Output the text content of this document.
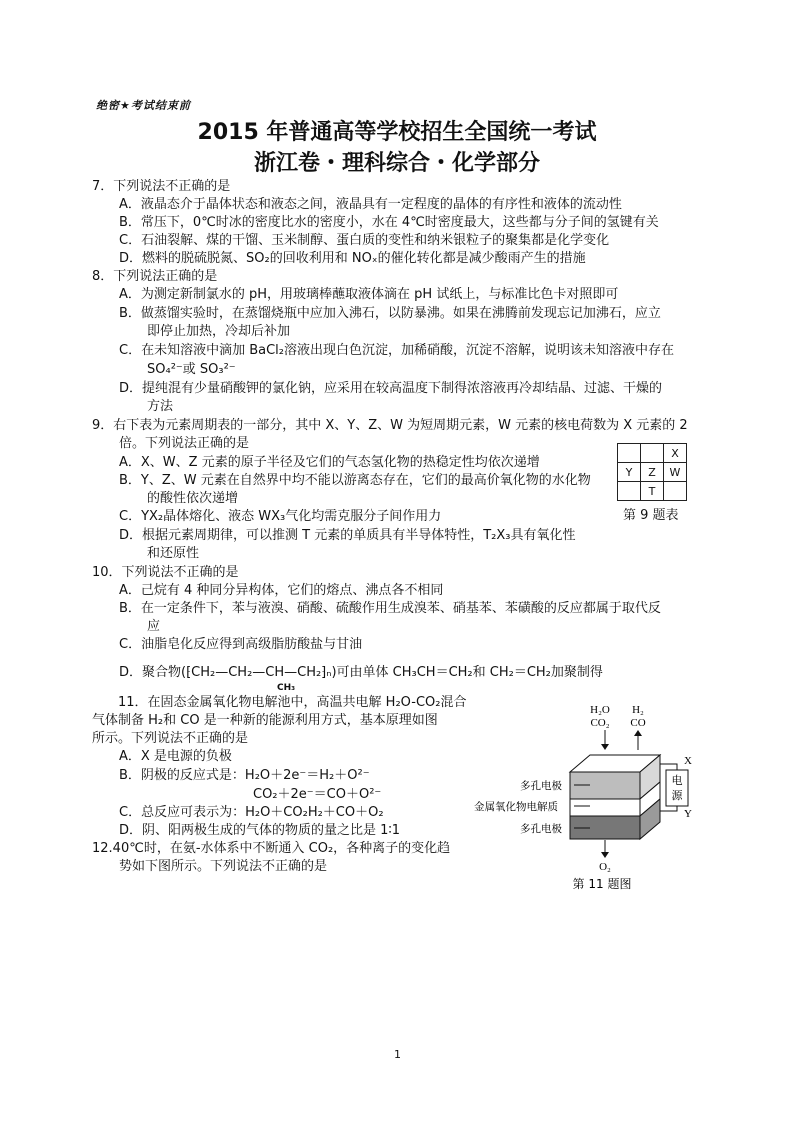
绝密★考试结束前
2015 年普通高等学校招生全国统一考试
浙江卷・理科综合・化学部分
7．下列说法不正确的是
A．液晶态介于晶体状态和液态之间，液晶具有一定程度的晶体的有序性和液体的流动性
B．常压下，0℃时冰的密度比水的密度小，水在 4℃时密度最大，这些都与分子间的氢键有关
C．石油裂解、煤的干馏、玉米制醇、蛋白质的变性和纳米银粒子的聚集都是化学变化
D．燃料的脱硫脱氮、SO₂的回收利用和 NOₓ的催化转化都是减少酸雨产生的措施
8．下列说法正确的是
A．为测定新制氯水的 pH，用玻璃棒蘸取液体滴在 pH 试纸上，与标准比色卡对照即可
B．做蒸馏实验时，在蒸馏烧瓶中应加入沸石，以防暴沸。如果在沸腾前发现忘记加沸石，应立
即停止加热，冷却后补加
C．在未知溶液中滴加 BaCl₂溶液出现白色沉淀，加稀硝酸，沉淀不溶解，说明该未知溶液中存在
SO₄²⁻或 SO₃²⁻
D．提纯混有少量硝酸钾的氯化钠，应采用在较高温度下制得浓溶液再冷却结晶、过滤、干燥的
方法
9．右下表为元素周期表的一部分，其中 X、Y、Z、W 为短周期元素，W 元素的核电荷数为 X 元素的 2
倍。下列说法正确的是
A．X、W、Z 元素的原子半径及它们的气态氢化物的热稳定性均依次递增
B．Y、Z、W 元素在自然界中均不能以游离态存在，它们的最高价氧化物的水化物
的酸性依次递增
C．YX₂晶体熔化、液态 WX₃气化均需克服分子间作用力
D．根据元素周期律，可以推测 T 元素的单质具有半导体特性，T₂X₃具有氧化性
和还原性
		X
Y	Z	W
	T	
第 9 题表
10．下列说法不正确的是
A．己烷有 4 种同分异构体，它们的熔点、沸点各不相同
B．在一定条件下，苯与液溴、硝酸、硫酸作用生成溴苯、硝基苯、苯磺酸的反应都属于取代反
应
C．油脂皂化反应得到高级脂肪酸盐与甘油
D．聚合物(⁅CH₂—CH₂—CH—CH₂⁆ₙ)可由单体 CH₃CH＝CH₂和 CH₂＝CH₂加聚制得
CH₃
11．在固态金属氧化物电解池中，高温共电解 H₂O-CO₂混合
气体制备 H₂和 CO 是一种新的能源利用方式，基本原理如图
所示。下列说法不正确的是
A．X 是电源的负极
B．阴极的反应式是：H₂O＋2e⁻＝H₂＋O²⁻
CO₂＋2e⁻＝CO＋O²⁻
C．总反应可表示为：H₂O＋CO₂H₂＋CO＋O₂
D．阴、阳两极生成的气体的物质的量之比是 1∶1
12.40℃时，在氨-水体系中不断通入 CO₂，各种离子的变化趋
势如下图所示。下列说法不正确的是
H₂O
CO₂
H₂
CO
电
源
X
Y
多孔电极
金属氧化物电解质
多孔电极
O₂
第 11 题图
1
